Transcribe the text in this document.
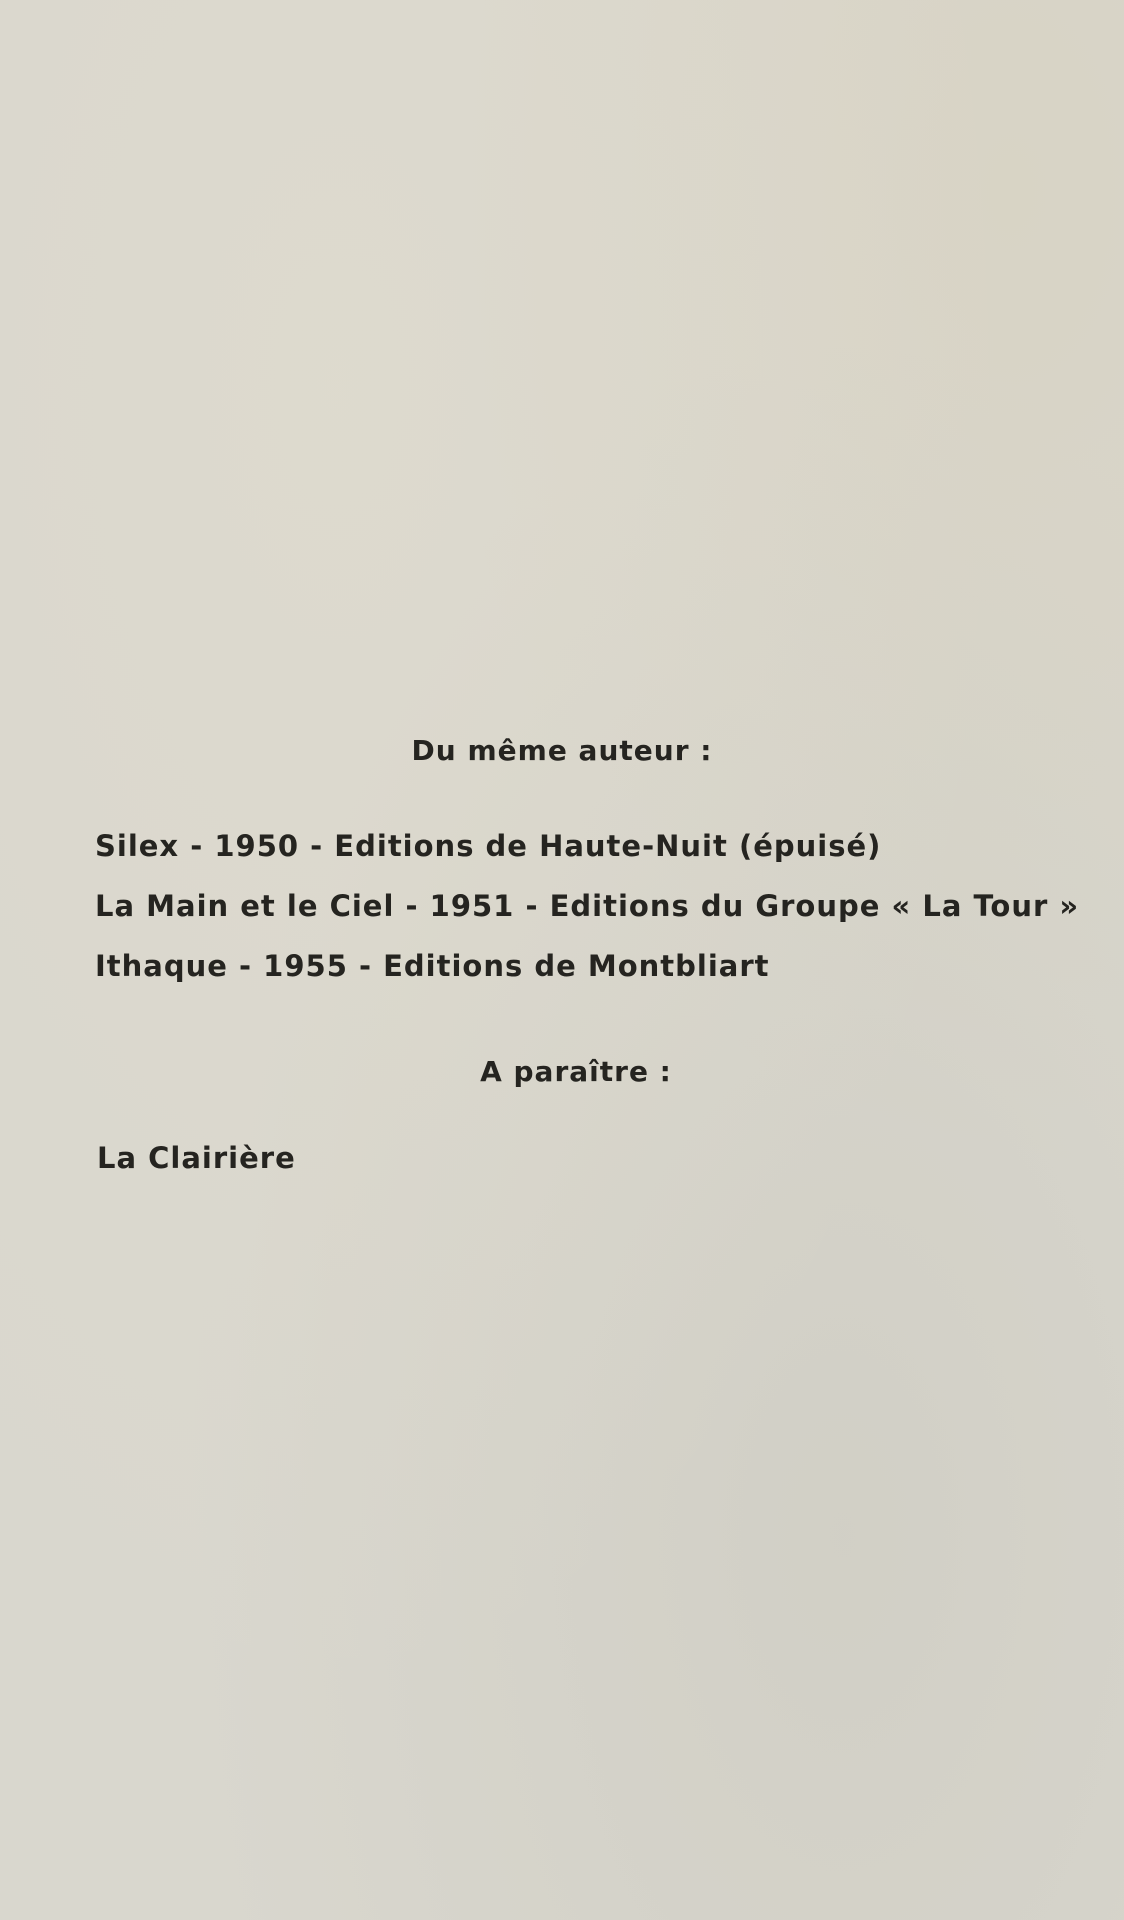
Du même auteur :
Silex - 1950 - Editions de Haute-Nuit (épuisé)
La Main et le Ciel - 1951 - Editions du Groupe « La Tour »
Ithaque - 1955 - Editions de Montbliart
A paraître :

La Clairière
